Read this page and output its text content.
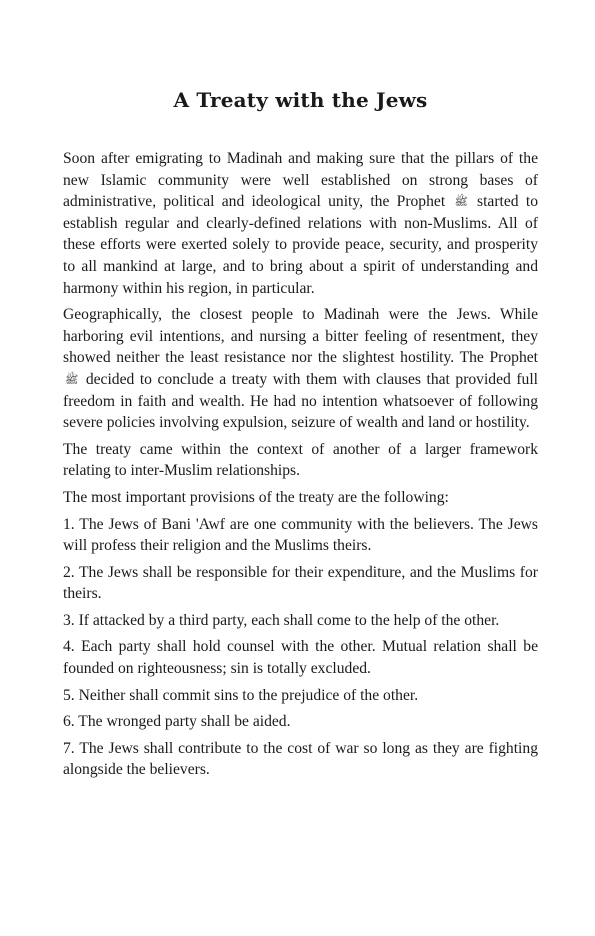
A Treaty with the Jews

Soon after emigrating to Madinah and making sure that the pillars of the new Islamic community were well established on strong bases of administrative, political and ideological unity, the Prophet ﷺ started to establish regular and clearly-defined relations with non-Muslims. All of these efforts were exerted solely to provide peace, security, and prosperity to all mankind at large, and to bring about a spirit of understanding and harmony within his region, in particular.

Geographically, the closest people to Madinah were the Jews. While harboring evil intentions, and nursing a bitter feeling of resentment, they showed neither the least resistance nor the slightest hostility. The Prophet ﷺ decided to conclude a treaty with them with clauses that provided full freedom in faith and wealth. He had no intention whatsoever of following severe policies involving expulsion, seizure of wealth and land or hostility.

The treaty came within the context of another of a larger framework relating to inter-Muslim relationships.

The most important provisions of the treaty are the following:

1. The Jews of Bani 'Awf are one community with the believers. The Jews will profess their religion and the Muslims theirs.

2. The Jews shall be responsible for their expenditure, and the Muslims for theirs.

3. If attacked by a third party, each shall come to the help of the other.

4. Each party shall hold counsel with the other. Mutual relation shall be founded on righteousness; sin is totally excluded.

5. Neither shall commit sins to the prejudice of the other.

6. The wronged party shall be aided.

7. The Jews shall contribute to the cost of war so long as they are fighting alongside the believers.
